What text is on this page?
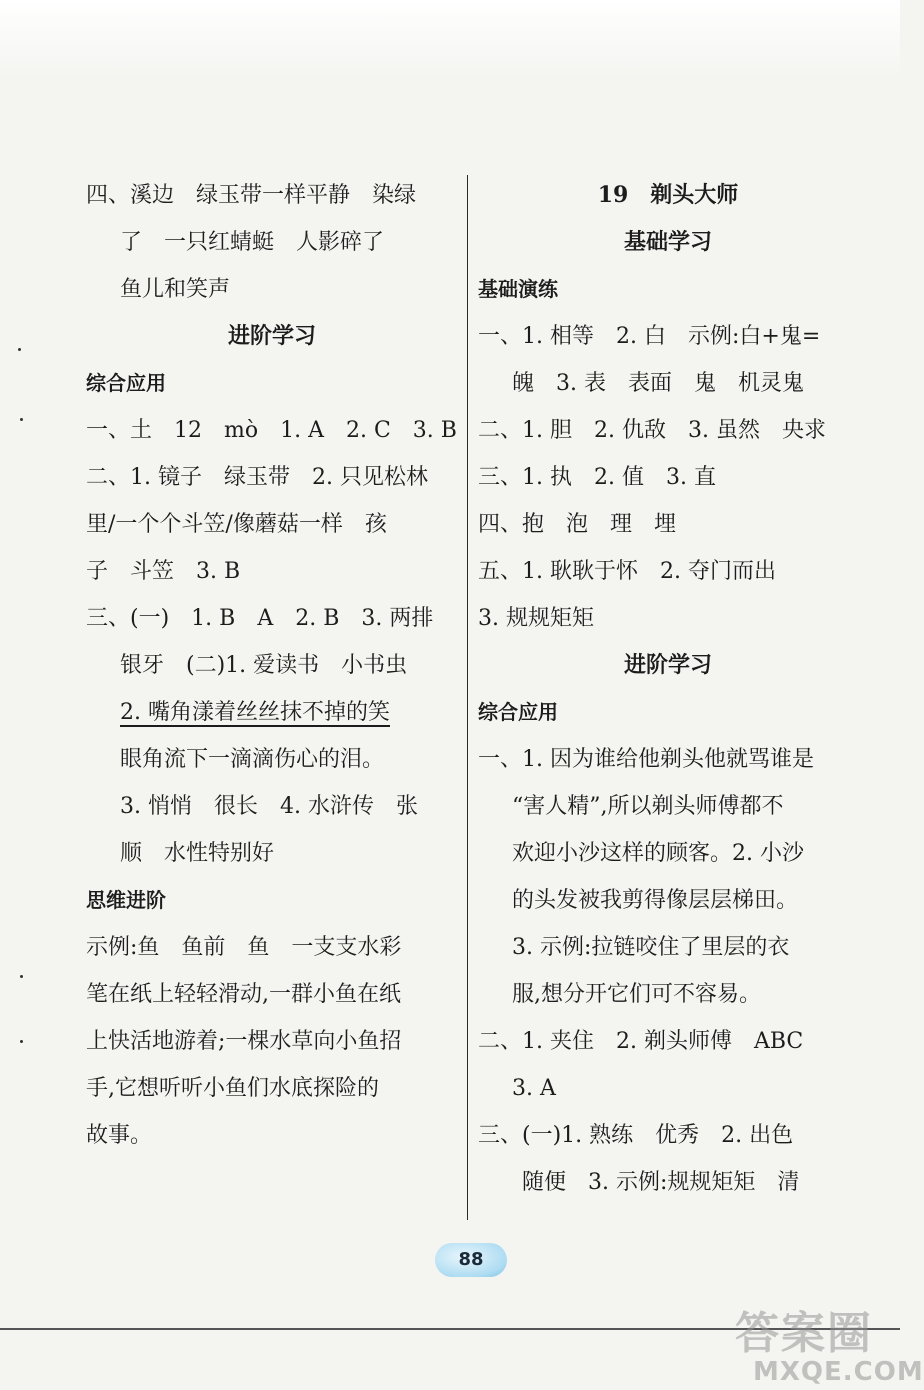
四、溪边　绿玉带一样平静　染绿
了　一只红蜻蜓　人影碎了
鱼儿和笑声
进阶学习
综合应用
一、土　12　mò　1. A　2. C　3. B
二、1. 镜子　绿玉带　2. 只见松林
里/一个个斗笠/像蘑菇一样　孩
子　斗笠　3. B
三、(一)　1. B　A　2. B　3. 两排
银牙　(二)1. 爱读书　小书虫
2. 嘴角漾着丝丝抹不掉的笑
眼角流下一滴滴伤心的泪。
3. 悄悄　很长　4. 水浒传　张
顺　水性特别好
思维进阶
示例:鱼　鱼前　鱼　一支支水彩
笔在纸上轻轻滑动,一群小鱼在纸
上快活地游着;一棵水草向小鱼招
手,它想听听小鱼们水底探险的
故事。
19　剃头大师
基础学习
基础演练
一、1. 相等　2. 白　示例:白+鬼=
魄　3. 表　表面　鬼　机灵鬼
二、1. 胆　2. 仇敌　3. 虽然　央求
三、1. 执　2. 值　3. 直
四、抱　泡　理　埋
五、1. 耿耿于怀　2. 夺门而出
3. 规规矩矩
进阶学习
综合应用
一、1. 因为谁给他剃头他就骂谁是
“害人精”,所以剃头师傅都不
欢迎小沙这样的顾客。2. 小沙
的头发被我剪得像层层梯田。
3. 示例:拉链咬住了里层的衣
服,想分开它们可不容易。
二、1. 夹住　2. 剃头师傅　ABC
3. A
三、(一)1. 熟练　优秀　2. 出色
随便　3. 示例:规规矩矩　清
88
答案圈
MXQE.COM
